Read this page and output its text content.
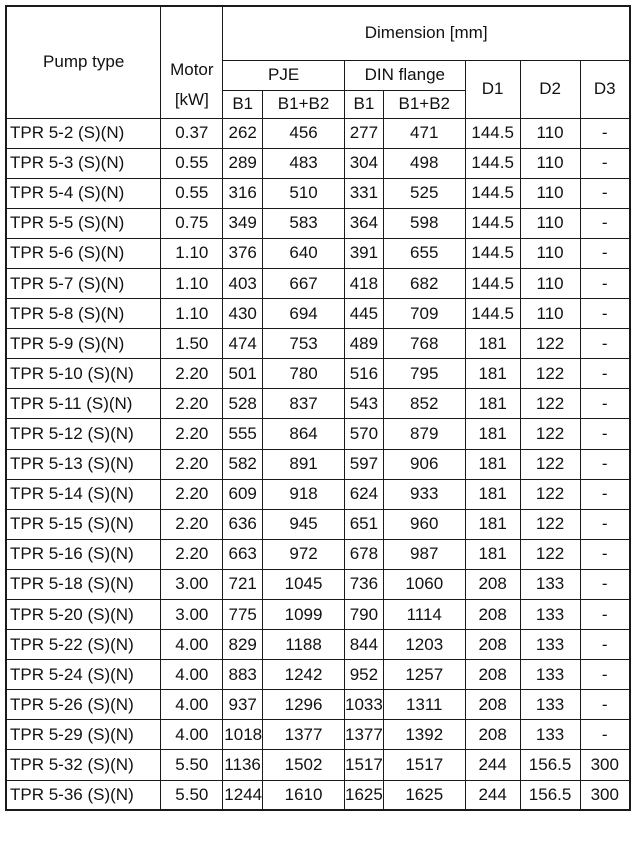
Pump type	Motor	Dimension [mm]						
		PJE		DIN flange		D1	D2	D3
	[kW]	B1	B1+B2	B1	B1+B2			
TPR 5-2 (S)(N)	0.37	262	456	277	471	144.5	110	-
TPR 5-3 (S)(N)	0.55	289	483	304	498	144.5	110	-
TPR 5-4 (S)(N)	0.55	316	510	331	525	144.5	110	-
TPR 5-5 (S)(N)	0.75	349	583	364	598	144.5	110	-
TPR 5-6 (S)(N)	1.10	376	640	391	655	144.5	110	-
TPR 5-7 (S)(N)	1.10	403	667	418	682	144.5	110	-
TPR 5-8 (S)(N)	1.10	430	694	445	709	144.5	110	-
TPR 5-9 (S)(N)	1.50	474	753	489	768	181	122	-
TPR 5-10 (S)(N)	2.20	501	780	516	795	181	122	-
TPR 5-11 (S)(N)	2.20	528	837	543	852	181	122	-
TPR 5-12 (S)(N)	2.20	555	864	570	879	181	122	-
TPR 5-13 (S)(N)	2.20	582	891	597	906	181	122	-
TPR 5-14 (S)(N)	2.20	609	918	624	933	181	122	-
TPR 5-15 (S)(N)	2.20	636	945	651	960	181	122	-
TPR 5-16 (S)(N)	2.20	663	972	678	987	181	122	-
TPR 5-18 (S)(N)	3.00	721	1045	736	1060	208	133	-
TPR 5-20 (S)(N)	3.00	775	1099	790	1114	208	133	-
TPR 5-22 (S)(N)	4.00	829	1188	844	1203	208	133	-
TPR 5-24 (S)(N)	4.00	883	1242	952	1257	208	133	-
TPR 5-26 (S)(N)	4.00	937	1296	1033	1311	208	133	-
TPR 5-29 (S)(N)	4.00	1018	1377	1377	1392	208	133	-
TPR 5-32 (S)(N)	5.50	1136	1502	1517	1517	244	156.5	300
TPR 5-36 (S)(N)	5.50	1244	1610	1625	1625	244	156.5	300
